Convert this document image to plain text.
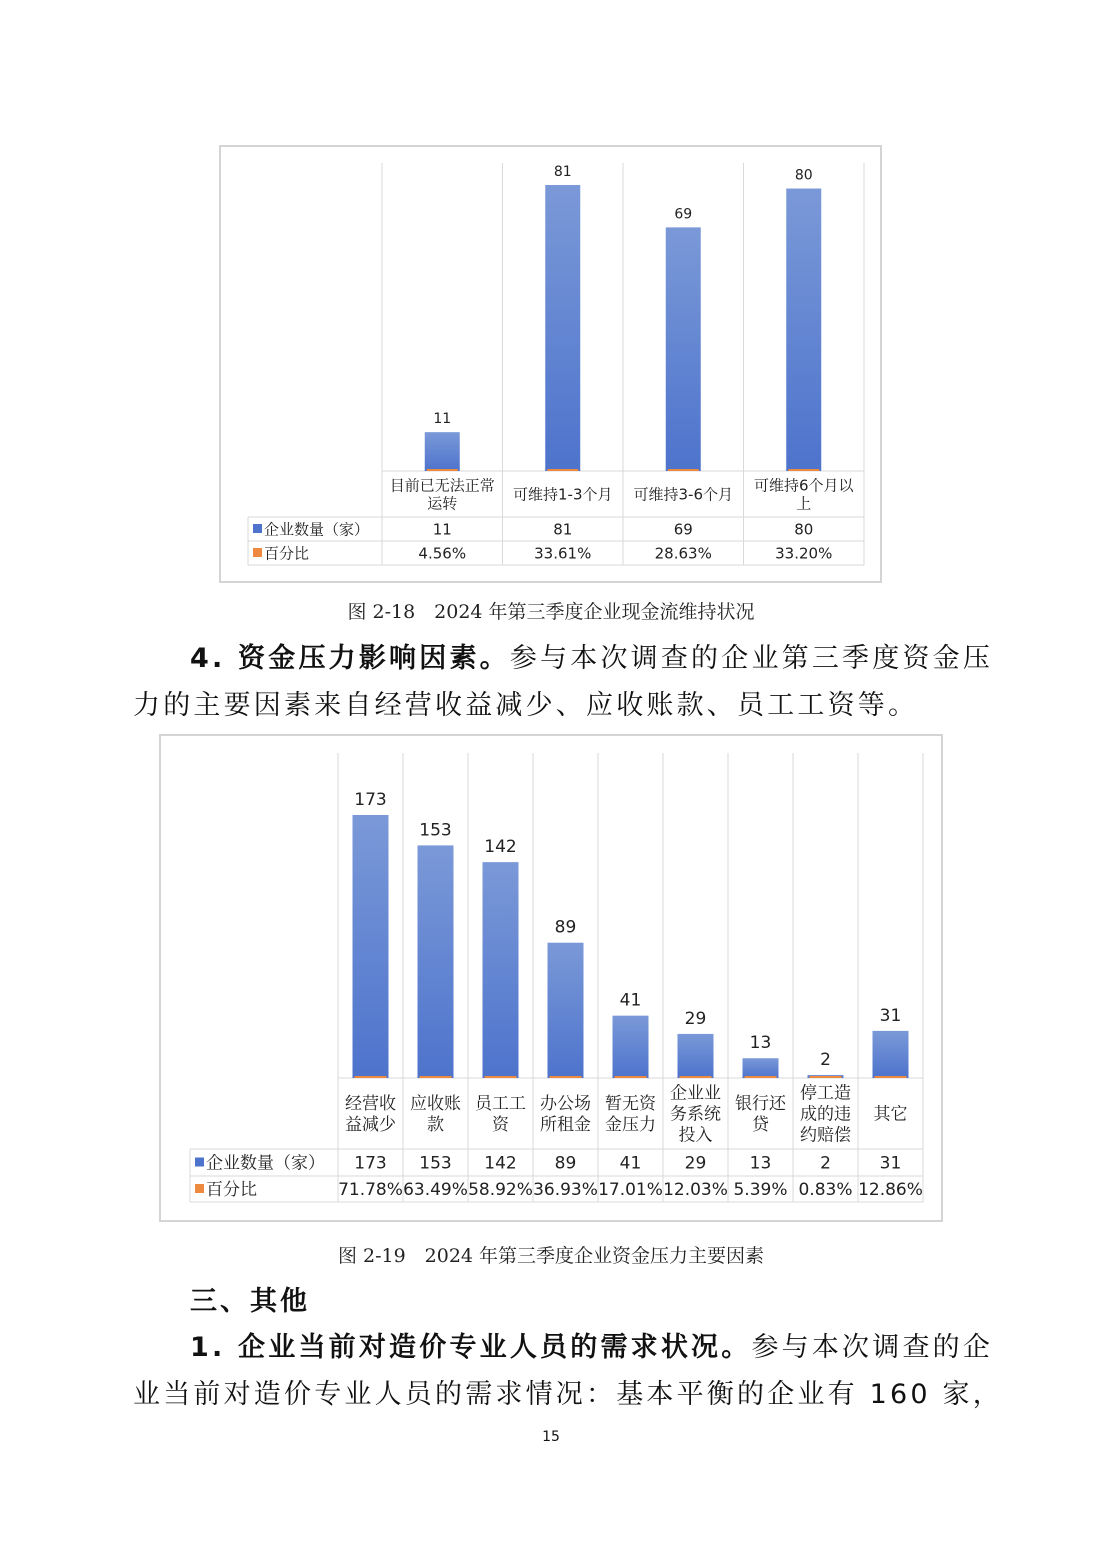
11
目前已无法正常
运转
11
4.56%
81
可维持1-3个月
81
33.61%
69
可维持3-6个月
69
28.63%
80
可维持6个月以
上
80
33.20%
企业数量（家）
百分比
图 2-18　2024 年第三季度企业现金流维持状况
4. 资金压力影响因素。参与本次调查的企业第三季度资金压
力的主要因素来自经营收益减少、应收账款、员工工资等。
173
经营收
益减少
173
71.78%
153
应收账
款
153
63.49%
142
员工工
资
142
58.92%
89
办公场
所租金
89
36.93%
41
暂无资
金压力
41
17.01%
29
企业业
务系统
投入
29
12.03%
13
银行还
贷
13
5.39%
2
停工造
成的违
约赔偿
2
0.83%
31
其它
31
12.86%
企业数量（家）
百分比
图 2-19　2024 年第三季度企业资金压力主要因素
三、其他
1. 企业当前对造价专业人员的需求状况。参与本次调查的企
业当前对造价专业人员的需求情况：基本平衡的企业有 160 家，
15
